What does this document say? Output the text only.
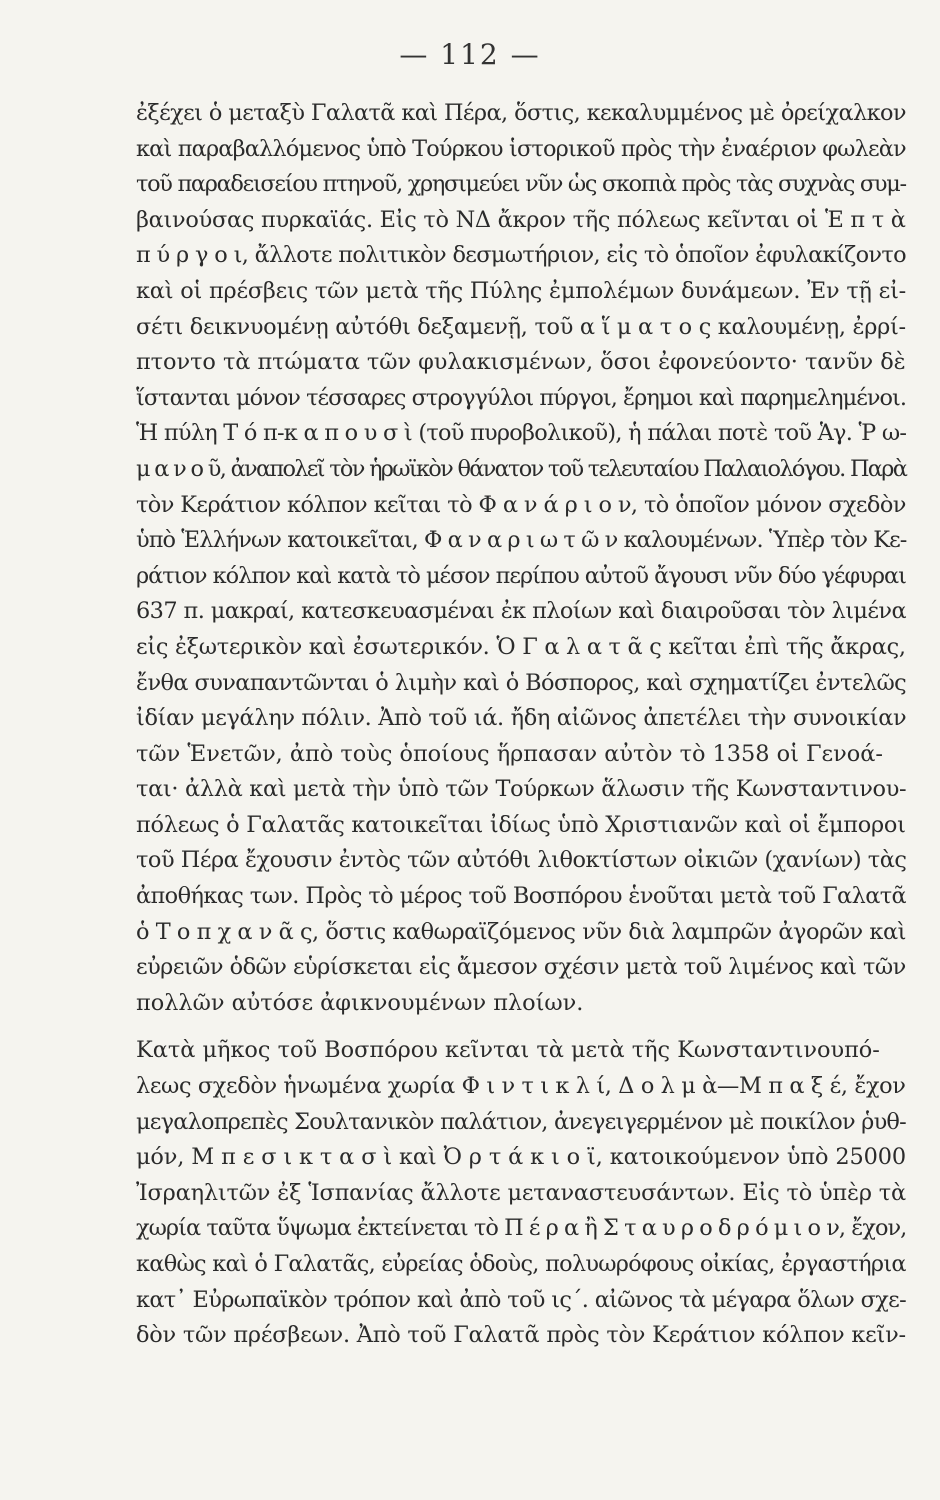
— 112 —
ἐξέχει ὁ μεταξὺ Γαλατᾶ καὶ Πέρα, ὅστις, κεκαλυμμένος μὲ ὀρείχαλκον
καὶ παραβαλλόμενος ὑπὸ Τούρκου ἱστορικοῦ πρὸς τὴν ἐναέριον φωλεὰν
τοῦ παραδεισείου πτηνοῦ, χρησιμεύει νῦν ὡς σκοπιὰ πρὸς τὰς συχνὰς συμ-
βαινούσας πυρκαϊάς. Εἰς τὸ ΝΔ ἄκρον τῆς πόλεως κεῖνται οἱ Ἑ π τ ὰ
π ύ ρ γ ο ι, ἄλλοτε πολιτικὸν δεσμωτήριον, εἰς τὸ ὁποῖον ἐφυλακίζοντο
καὶ οἱ πρέσβεις τῶν μετὰ τῆς Πύλης ἐμπολέμων δυνάμεων. Ἐν τῇ εἰ-
σέτι δεικνυομένῃ αὐτόθι δεξαμενῇ, τοῦ α ἵ μ α τ ο ς καλουμένῃ, ἐρρί-
πτοντο τὰ πτώματα τῶν φυλακισμένων, ὅσοι ἐφονεύοντο· τανῦν δὲ
ἵστανται μόνον τέσσαρες στρογγύλοι πύργοι, ἔρημοι καὶ παρημελημένοι.
Ἡ πύλη Τ ό π-κ α π ο υ σ ὶ (τοῦ πυροβολικοῦ), ἡ πάλαι ποτὲ τοῦ Ἁγ. Ῥ ω-
μ α ν ο ῦ, ἀναπολεῖ τὸν ἡρωϊκὸν θάνατον τοῦ τελευταίου Παλαιολόγου. Παρὰ
τὸν Κεράτιον κόλπον κεῖται τὸ Φ α ν ά ρ ι ο ν, τὸ ὁποῖον μόνον σχεδὸν
ὑπὸ Ἑλλήνων κατοικεῖται, Φ α ν α ρ ι ω τ ῶ ν καλουμένων. Ὑπὲρ τὸν Κε-
ράτιον κόλπον καὶ κατὰ τὸ μέσον περίπου αὐτοῦ ἄγουσι νῦν δύο γέφυραι
637 π. μακραί, κατεσκευασμέναι ἐκ πλοίων καὶ διαιροῦσαι τὸν λιμένα
εἰς ἐξωτερικὸν καὶ ἐσωτερικόν. Ὁ Γ α λ α τ ᾶ ς κεῖται ἐπὶ τῆς ἄκρας,
ἔνθα συναπαντῶνται ὁ λιμὴν καὶ ὁ Βόσπορος, καὶ σχηματίζει ἐντελῶς
ἰδίαν μεγάλην πόλιν. Ἀπὸ τοῦ ιά. ἤδη αἰῶνος ἀπετέλει τὴν συνοικίαν
τῶν Ἑνετῶν, ἀπὸ τοὺς ὁποίους ἥρπασαν αὐτὸν τὸ 1358 οἱ Γενοά-
ται· ἀλλὰ καὶ μετὰ τὴν ὑπὸ τῶν Τούρκων ἅλωσιν τῆς Κωνσταντινου-
πόλεως ὁ Γαλατᾶς κατοικεῖται ἰδίως ὑπὸ Χριστιανῶν καὶ οἱ ἔμποροι
τοῦ Πέρα ἔχουσιν ἐντὸς τῶν αὐτόθι λιθοκτίστων οἰκιῶν (χανίων) τὰς
ἀποθήκας των. Πρὸς τὸ μέρος τοῦ Βοσπόρου ἑνοῦται μετὰ τοῦ Γαλατᾶ
ὁ Τ ο π χ α ν ᾶ ς, ὅστις καθωραϊζόμενος νῦν διὰ λαμπρῶν ἀγορῶν καὶ
εὐρειῶν ὁδῶν εὑρίσκεται εἰς ἄμεσον σχέσιν μετὰ τοῦ λιμένος καὶ τῶν
πολλῶν αὐτόσε ἀφικνουμένων πλοίων.
Κατὰ μῆκος τοῦ Βοσπόρου κεῖνται τὰ μετὰ τῆς Κωνσταντινουπό-
λεως σχεδὸν ἡνωμένα χωρία Φ ι ν τ ι κ λ ί, Δ ο λ μ ὰ—Μ π α ξ έ, ἔχον
μεγαλοπρεπὲς Σουλτανικὸν παλάτιον, ἀνεγειγερμένον μὲ ποικίλον ῥυθ-
μόν, Μ π ε σ ι κ τ α σ ὶ καὶ Ὀ ρ τ ά κ ι ο ϊ, κατοικούμενον ὑπὸ 25000
Ἰσραηλιτῶν ἐξ Ἱσπανίας ἄλλοτε μεταναστευσάντων. Εἰς τὸ ὑπὲρ τὰ
χωρία ταῦτα ὕψωμα ἐκτείνεται τὸ Π έ ρ α ἢ Σ τ α υ ρ ο δ ρ ό μ ι ο ν, ἔχον,
καθὼς καὶ ὁ Γαλατᾶς, εὐρείας ὁδοὺς, πολυωρόφους οἰκίας, ἐργαστήρια
κατ᾽ Εὐρωπαϊκὸν τρόπον καὶ ἀπὸ τοῦ ις΄. αἰῶνος τὰ μέγαρα ὅλων σχε-
δὸν τῶν πρέσβεων. Ἀπὸ τοῦ Γαλατᾶ πρὸς τὸν Κεράτιον κόλπον κεῖν-
